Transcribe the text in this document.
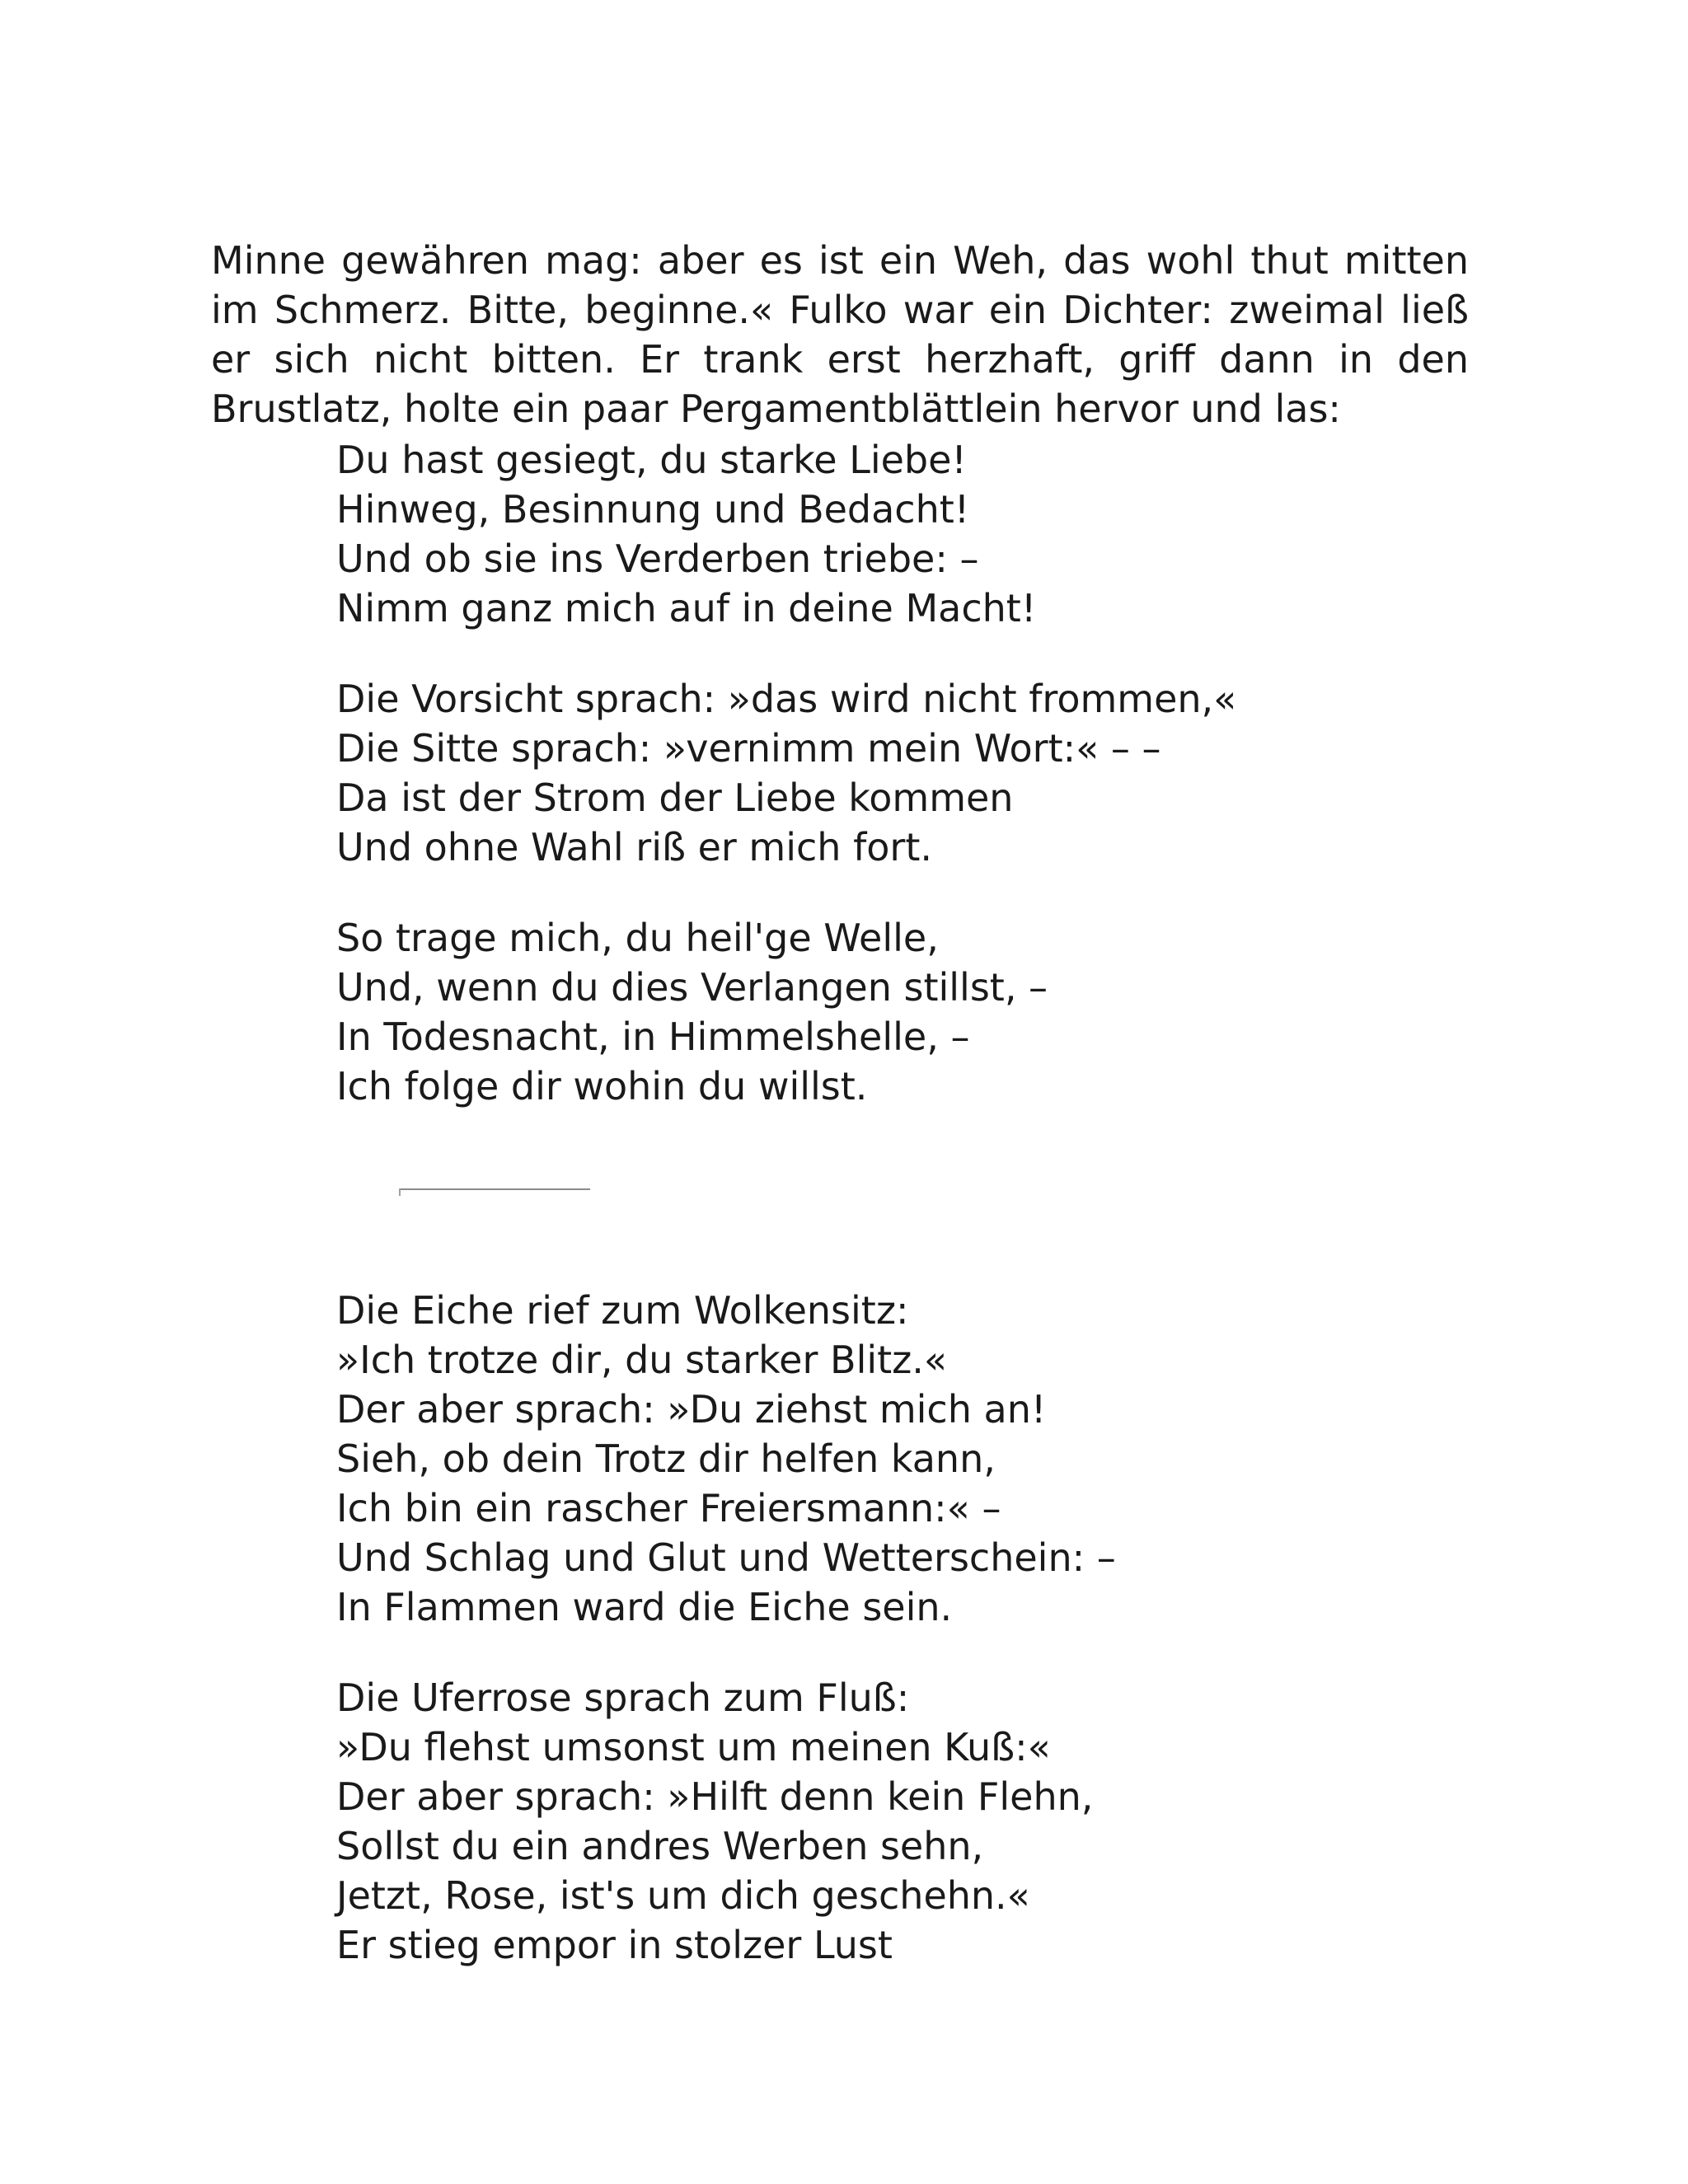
Minne gewähren mag: aber es ist ein Weh, das wohl thut mitten im Schmerz. Bitte, beginne.« Fulko war ein Dichter: zweimal ließ er sich nicht bitten. Er trank erst herzhaft, griff dann in den Brustlatz, holte ein paar Pergamentblättlein hervor und las:

Du hast gesiegt, du starke Liebe!
Hinweg, Besinnung und Bedacht!
Und ob sie ins Verderben triebe: –
Nimm ganz mich auf in deine Macht!
Die Vorsicht sprach: »das wird nicht frommen,«
Die Sitte sprach: »vernimm mein Wort:« – –
Da ist der Strom der Liebe kommen
Und ohne Wahl riß er mich fort.
So trage mich, du heil'ge Welle,
Und, wenn du dies Verlangen stillst, –
In Todesnacht, in Himmelshelle, –
Ich folge dir wohin du willst.
Die Eiche rief zum Wolkensitz:
»Ich trotze dir, du starker Blitz.«
Der aber sprach: »Du ziehst mich an!
Sieh, ob dein Trotz dir helfen kann,
Ich bin ein rascher Freiersmann:« –
Und Schlag und Glut und Wetterschein: –
In Flammen ward die Eiche sein.
Die Uferrose sprach zum Fluß:
»Du flehst umsonst um meinen Kuß:«
Der aber sprach: »Hilft denn kein Flehn,
Sollst du ein andres Werben sehn,
Jetzt, Rose, ist's um dich geschehn.«
Er stieg empor in stolzer Lust
